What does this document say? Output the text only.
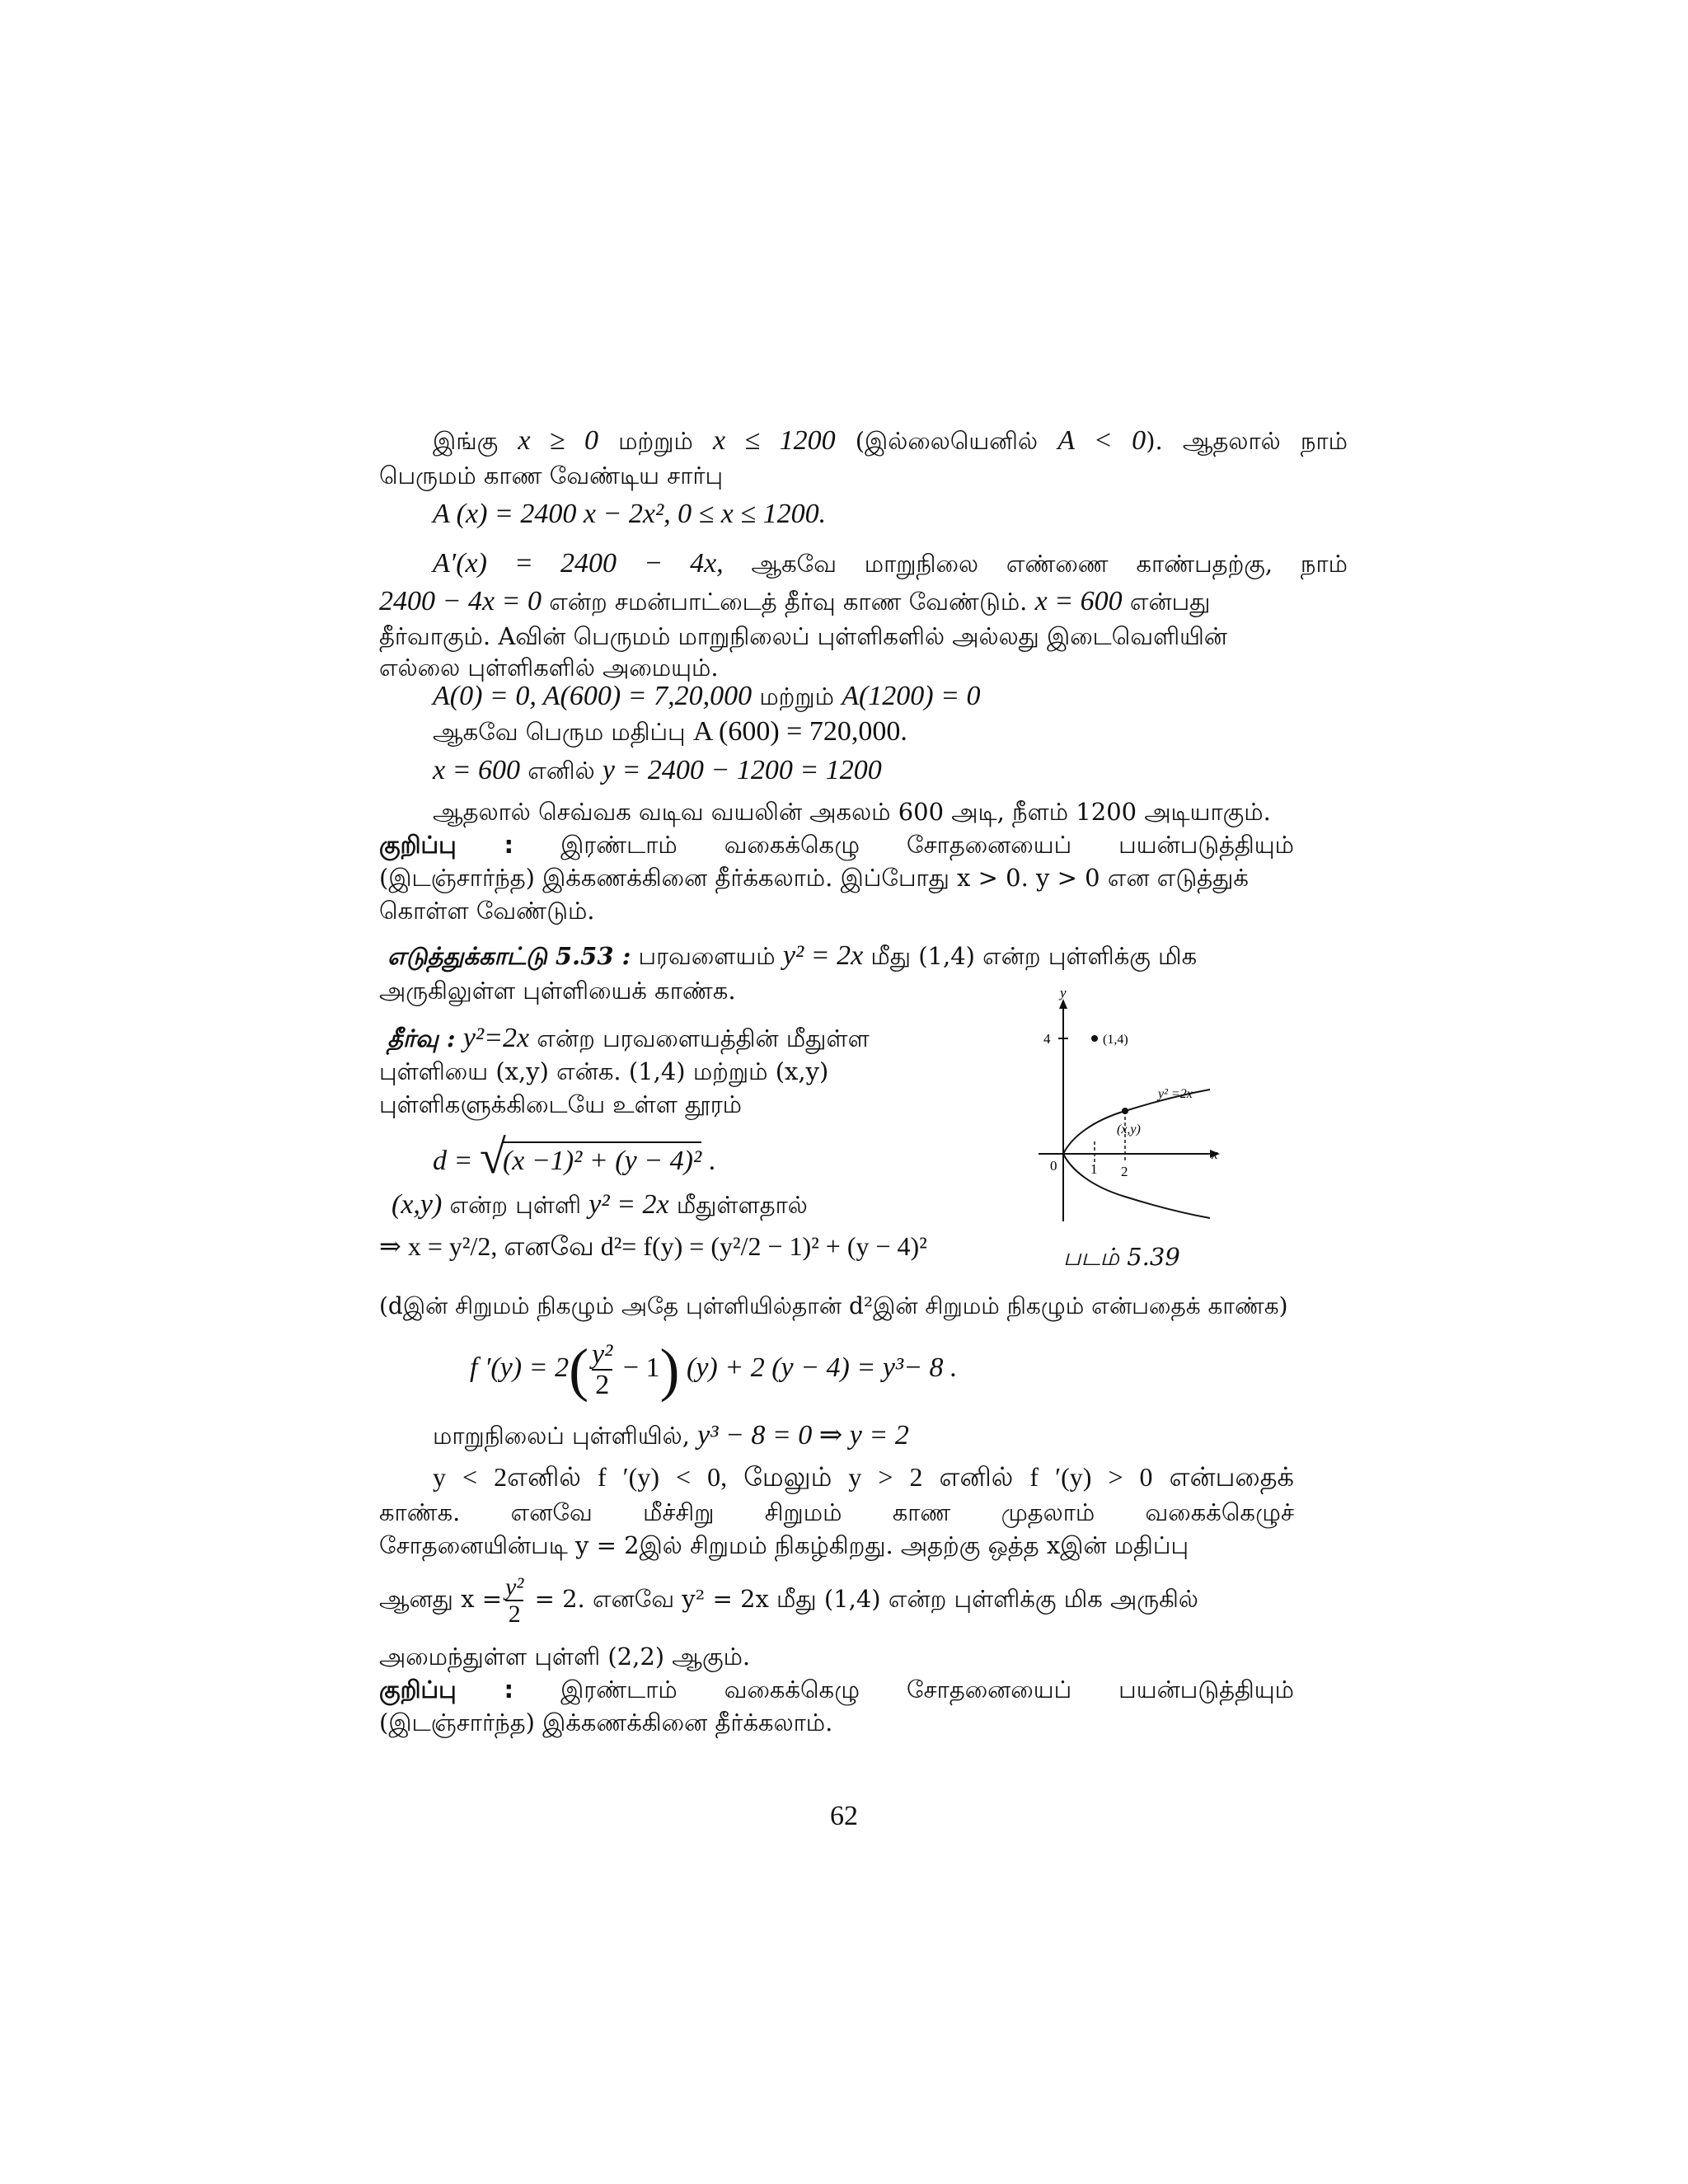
இங்கு x ≥ 0 மற்றும் x ≤ 1200 (இல்லையெனில் A < 0). ஆதலால் நாம்
பெருமம் காண வேண்டிய சார்பு
A (x) = 2400 x − 2x², 0 ≤ x ≤ 1200.
A′(x) = 2400 − 4x, ஆகவே மாறுநிலை எண்ணை காண்பதற்கு, நாம்
2400 − 4x = 0 என்ற சமன்பாட்டைத் தீர்வு காண வேண்டும். x = 600 என்பது
தீர்வாகும். Aவின் பெருமம் மாறுநிலைப் புள்ளிகளில் அல்லது இடைவெளியின்
எல்லை புள்ளிகளில் அமையும்.
A(0) = 0, A(600) = 7,20,000 மற்றும் A(1200) = 0
ஆகவே பெரும மதிப்பு A (600) = 720,000.
x = 600 எனில் y = 2400 − 1200 = 1200
ஆதலால் செவ்வக வடிவ வயலின் அகலம் 600 அடி, நீளம் 1200 அடியாகும்.
குறிப்பு : இரண்டாம் வகைக்கெழு சோதனையைப் பயன்படுத்தியும்
(இடஞ்சார்ந்த) இக்கணக்கினை தீர்க்கலாம். இப்போது x > 0. y > 0 என எடுத்துக்
கொள்ள வேண்டும்.
எடுத்துக்காட்டு 5.53 : பரவளையம் y² = 2x மீது (1,4) என்ற புள்ளிக்கு மிக
அருகிலுள்ள புள்ளியைக் காண்க.
தீர்வு : y²=2x என்ற பரவளையத்தின் மீதுள்ள
புள்ளியை (x,y) என்க. (1,4) மற்றும் (x,y)
புள்ளிகளுக்கிடையே உள்ள தூரம்
d = √
(x −1)² + (y − 4)² .
(x,y) என்ற புள்ளி y² = 2x மீதுள்ளதால்
⇒ x = y²/2, எனவே d²= f(y) = (y²/2 − 1)² + (y − 4)²
y
x
4
0 1 2
(1,4)
(x,y)
y² =2x
படம் 5.39
(dஇன் சிறுமம் நிகழும் அதே புள்ளியில்தான் d²இன் சிறுமம் நிகழும் என்பதைக் காண்க)
f $'(y) = 2( \frac{\text{y²}}{2} - 1)$ (y) + 2 (y − 4) = y³− 8 .
மாறுநிலைப் புள்ளியில், y³ − 8 = 0 ⇒ y = 2
y < 2எனில் f ′(y) < 0, மேலும் y > 2 எனில் f ′(y) > 0 என்பதைக்
காண்க. எனவே மீச்சிறு சிறுமம் காண முதலாம் வகைக்கெழுச்
சோதனையின்படி y = 2இல் சிறுமம் நிகழ்கிறது. அதற்கு ஒத்த xஇன் மதிப்பு
ஆனது $x = \frac{\text{y²}}{2} = 2$. எனவே y² = 2x மீது (1,4) என்ற புள்ளிக்கு மிக அருகில்
அமைந்துள்ள புள்ளி (2,2) ஆகும்.
குறிப்பு : இரண்டாம் வகைக்கெழு சோதனையைப் பயன்படுத்தியும்
(இடஞ்சார்ந்த) இக்கணக்கினை தீர்க்கலாம்.
62
